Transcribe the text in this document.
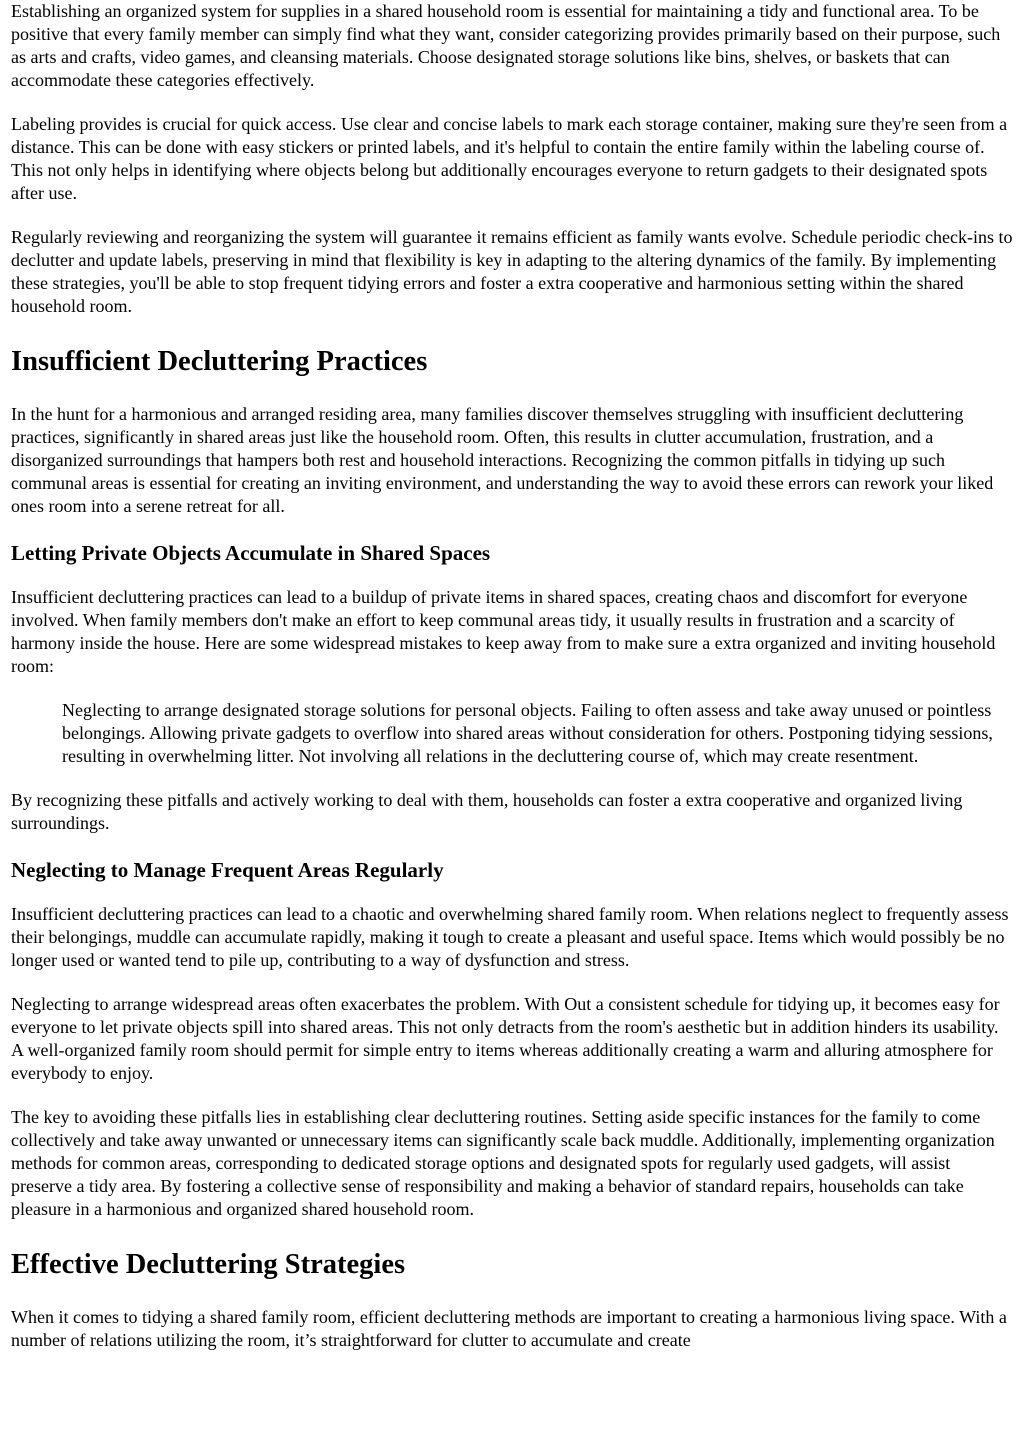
Establishing an organized system for supplies in a shared household room is essential for maintaining a tidy and functional area. To be positive that every family member can simply find what they want, consider categorizing provides primarily based on their purpose, such as arts and crafts, video games, and cleansing materials. Choose designated storage solutions like bins, shelves, or baskets that can accommodate these categories effectively.

Labeling provides is crucial for quick access. Use clear and concise labels to mark each storage container, making sure they're seen from a distance. This can be done with easy stickers or printed labels, and it's helpful to contain the entire family within the labeling course of. This not only helps in identifying where objects belong but additionally encourages everyone to return gadgets to their designated spots after use.

Regularly reviewing and reorganizing the system will guarantee it remains efficient as family wants evolve. Schedule periodic check-ins to declutter and update labels, preserving in mind that flexibility is key in adapting to the altering dynamics of the family. By implementing these strategies, you'll be able to stop frequent tidying errors and foster a extra cooperative and harmonious setting within the shared household room.

Insufficient Decluttering Practices

In the hunt for a harmonious and arranged residing area, many families discover themselves struggling with insufficient decluttering practices, significantly in shared areas just like the household room. Often, this results in clutter accumulation, frustration, and a disorganized surroundings that hampers both rest and household interactions. Recognizing the common pitfalls in tidying up such communal areas is essential for creating an inviting environment, and understanding the way to avoid these errors can rework your liked ones room into a serene retreat for all.

Letting Private Objects Accumulate in Shared Spaces

Insufficient decluttering practices can lead to a buildup of private items in shared spaces, creating chaos and discomfort for everyone involved. When family members don't make an effort to keep communal areas tidy, it usually results in frustration and a scarcity of harmony inside the house. Here are some widespread mistakes to keep away from to make sure a extra organized and inviting household room:

Neglecting to arrange designated storage solutions for personal objects. Failing to often assess and take away unused or pointless belongings. Allowing private gadgets to overflow into shared areas without consideration for others. Postponing tidying sessions, resulting in overwhelming litter. Not involving all relations in the decluttering course of, which may create resentment.

By recognizing these pitfalls and actively working to deal with them, households can foster a extra cooperative and organized living surroundings.

Neglecting to Manage Frequent Areas Regularly

Insufficient decluttering practices can lead to a chaotic and overwhelming shared family room. When relations neglect to frequently assess their belongings, muddle can accumulate rapidly, making it tough to create a pleasant and useful space. Items which would possibly be no longer used or wanted tend to pile up, contributing to a way of dysfunction and stress.

Neglecting to arrange widespread areas often exacerbates the problem. With Out a consistent schedule for tidying up, it becomes easy for everyone to let private objects spill into shared areas. This not only detracts from the room's aesthetic but in addition hinders its usability. A well-organized family room should permit for simple entry to items whereas additionally creating a warm and alluring atmosphere for everybody to enjoy.

The key to avoiding these pitfalls lies in establishing clear decluttering routines. Setting aside specific instances for the family to come collectively and take away unwanted or unnecessary items can significantly scale back muddle. Additionally, implementing organization methods for common areas, corresponding to dedicated storage options and designated spots for regularly used gadgets, will assist preserve a tidy area. By fostering a collective sense of responsibility and making a behavior of standard repairs, households can take pleasure in a harmonious and organized shared household room.

Effective Decluttering Strategies

When it comes to tidying a shared family room, efficient decluttering methods are important to creating a harmonious living space. With a number of relations utilizing the room, it’s straightforward for clutter to accumulate and create
